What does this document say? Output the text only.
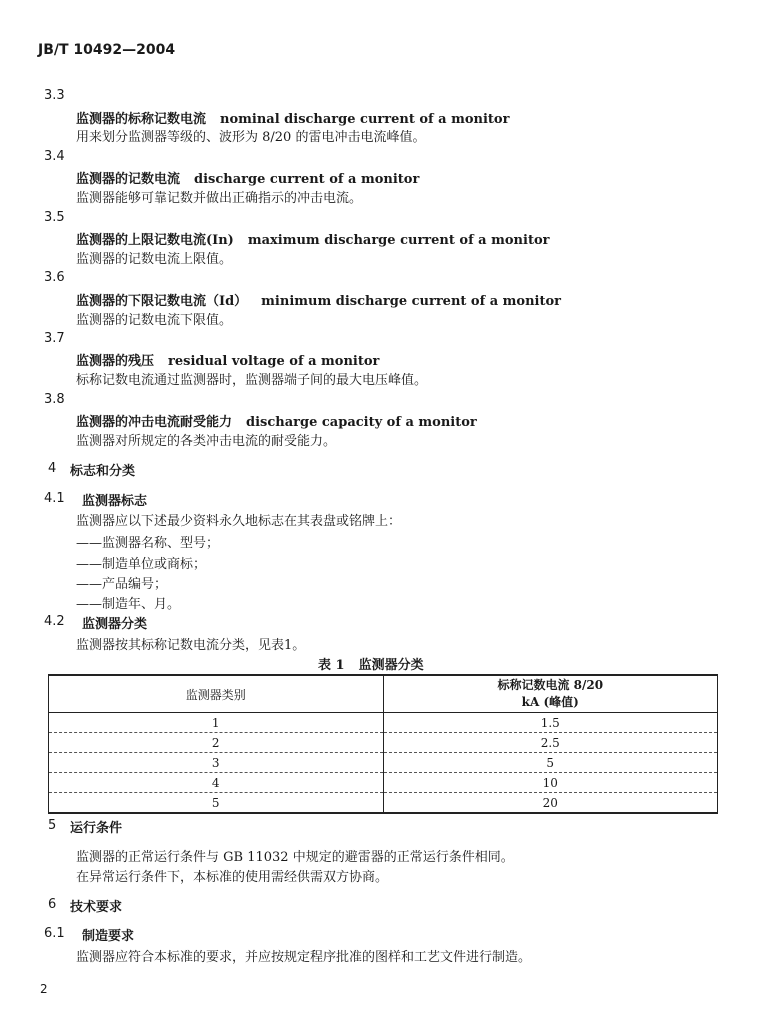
JB/T 10492—2004
3.3
监测器的标称记数电流 nominal discharge current of a monitor
用来划分监测器等级的、波形为 8/20 的雷电冲击电流峰值。
3.4
监测器的记数电流 discharge current of a monitor
监测器能够可靠记数并做出正确指示的冲击电流。
3.5
监测器的上限记数电流(In) maximum discharge current of a monitor
监测器的记数电流上限值。
3.6
监测器的下限记数电流（Id） minimum discharge current of a monitor
监测器的记数电流下限值。
3.7
监测器的残压 residual voltage of a monitor
标称记数电流通过监测器时，监测器端子间的最大电压峰值。
3.8
监测器的冲击电流耐受能力 discharge capacity of a monitor
监测器对所规定的各类冲击电流的耐受能力。
4 标志和分类
4.1 监测器标志
监测器应以下述最少资料永久地标志在其表盘或铭牌上：
——监测器名称、型号；
——制造单位或商标；
——产品编号；
——制造年、月。
4.2 监测器分类
监测器按其标称记数电流分类，见表1。
表 1 监测器分类
监测器类别	标称记数电流 8/20
kA (峰值)

1	1.5
2	2.5
3	5
4	10
5	20
5 运行条件
监测器的正常运行条件与 GB 11032 中规定的避雷器的正常运行条件相同。
在异常运行条件下，本标准的使用需经供需双方协商。
6 技术要求
6.1 制造要求
监测器应符合本标准的要求，并应按规定程序批准的图样和工艺文件进行制造。
2
